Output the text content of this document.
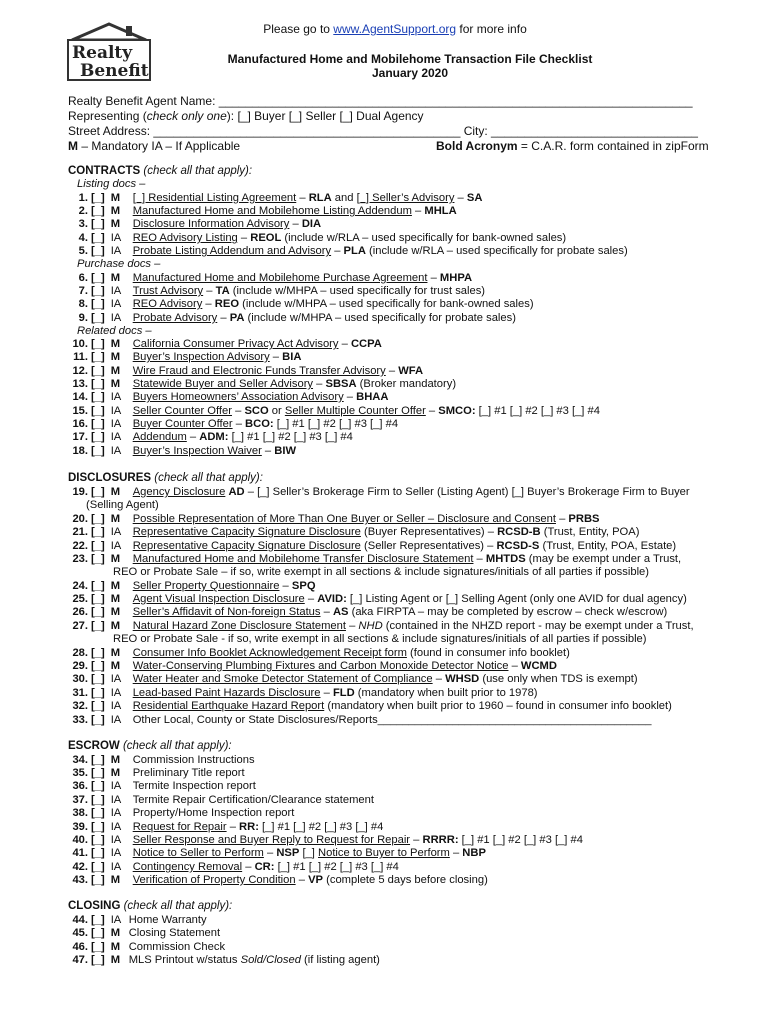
Realty
Benefit
Please go to www.AgentSupport.org for more info
Manufactured Home and Mobilehome Transaction File Checklist
January 2020
Realty Benefit Agent Name: _______________________________________________________________________
Representing (check only one): [_] Buyer [_] Seller [_] Dual Agency
Street Address: ______________________________________________ City: _______________________________
M – Mandatory IA – If Applicable	Bold Acronym = C.A.R. form contained in zipForm
CONTRACTS (check all that apply):
Listing docs –
Purchase docs –
Related docs –
DISCLOSURES (check all that apply):
ESCROW (check all that apply):
CLOSING (check all that apply):
1. [_] M [_] Residential Listing Agreement – RLA and [_] Seller’s Advisory – SA
2. [_] M Manufactured Home and Mobilehome Listing Addendum – MHLA
3. [_] M Disclosure Information Advisory – DIA
4. [_] IA REO Advisory Listing – REOL (include w/RLA – used specifically for bank-owned sales)
5. [_] IA Probate Listing Addendum and Advisory – PLA (include w/RLA – used specifically for probate sales)
6. [_] M Manufactured Home and Mobilehome Purchase Agreement – MHPA
7. [_] IA Trust Advisory – TA (include w/MHPA – used specifically for trust sales)
8. [_] IA REO Advisory – REO (include w/MHPA – used specifically for bank-owned sales)
9. [_] IA Probate Advisory – PA (include w/MHPA – used specifically for probate sales)
10. [_] M California Consumer Privacy Act Advisory – CCPA
11. [_] M Buyer’s Inspection Advisory – BIA
12. [_] M Wire Fraud and Electronic Funds Transfer Advisory – WFA
13. [_] M Statewide Buyer and Seller Advisory – SBSA (Broker mandatory)
14. [_] IA Buyers Homeowners’ Association Advisory – BHAA
15. [_] IA Seller Counter Offer – SCO or Seller Multiple Counter Offer – SMCO: [_] #1 [_] #2 [_] #3 [_] #4
16. [_] IA Buyer Counter Offer – BCO: [_] #1 [_] #2 [_] #3 [_] #4
17. [_] IA Addendum – ADM: [_] #1 [_] #2 [_] #3 [_] #4
18. [_] IA Buyer’s Inspection Waiver – BIW
19. [_] M Agency Disclosure AD – [_] Seller’s Brokerage Firm to Seller (Listing Agent) [_] Buyer’s Brokerage Firm to Buyer
(Selling Agent)
20. [_] M Possible Representation of More Than One Buyer or Seller – Disclosure and Consent – PRBS
21. [_] IA Representative Capacity Signature Disclosure (Buyer Representatives) – RCSD-B (Trust, Entity, POA)
22. [_] IA Representative Capacity Signature Disclosure (Seller Representatives) – RCSD-S (Trust, Entity, POA, Estate)
23. [_] M Manufactured Home and Mobilehome Transfer Disclosure Statement – MHTDS (may be exempt under a Trust,
REO or Probate Sale – if so, write exempt in all sections & include signatures/initials of all parties if possible)
24. [_] M Seller Property Questionnaire – SPQ
25. [_] M Agent Visual Inspection Disclosure – AVID: [_] Listing Agent or [_] Selling Agent (only one AVID for dual agency)
26. [_] M Seller’s Affidavit of Non-foreign Status – AS (aka FIRPTA – may be completed by escrow – check w/escrow)
27. [_] M Natural Hazard Zone Disclosure Statement – NHD (contained in the NHZD report - may be exempt under a Trust,
REO or Probate Sale - if so, write exempt in all sections & include signatures/initials of all parties if possible)
28. [_] M Consumer Info Booklet Acknowledgement Receipt form (found in consumer info booklet)
29. [_] M Water-Conserving Plumbing Fixtures and Carbon Monoxide Detector Notice – WCMD
30. [_] IA Water Heater and Smoke Detector Statement of Compliance – WHSD (use only when TDS is exempt)
31. [_] IA Lead-based Paint Hazards Disclosure – FLD (mandatory when built prior to 1978)
32. [_] IA Residential Earthquake Hazard Report (mandatory when built prior to 1960 – found in consumer info booklet)
33. [_] IA Other Local, County or State Disclosures/Reports____________________________________________
34. [_] M Commission Instructions
35. [_] M Preliminary Title report
36. [_] IA Termite Inspection report
37. [_] IA Termite Repair Certification/Clearance statement
38. [_] IA Property/Home Inspection report
39. [_] IA Request for Repair – RR: [_] #1 [_] #2 [_] #3 [_] #4
40. [_] IA Seller Response and Buyer Reply to Request for Repair – RRRR: [_] #1 [_] #2 [_] #3 [_] #4
41. [_] IA Notice to Seller to Perform – NSP [_] Notice to Buyer to Perform – NBP
42. [_] IA Contingency Removal – CR: [_] #1 [_] #2 [_] #3 [_] #4
43. [_] M Verification of Property Condition – VP (complete 5 days before closing)
44. [_] IA Home Warranty
45. [_] M Closing Statement
46. [_] M Commission Check
47. [_] M MLS Printout w/status Sold/Closed (if listing agent)
